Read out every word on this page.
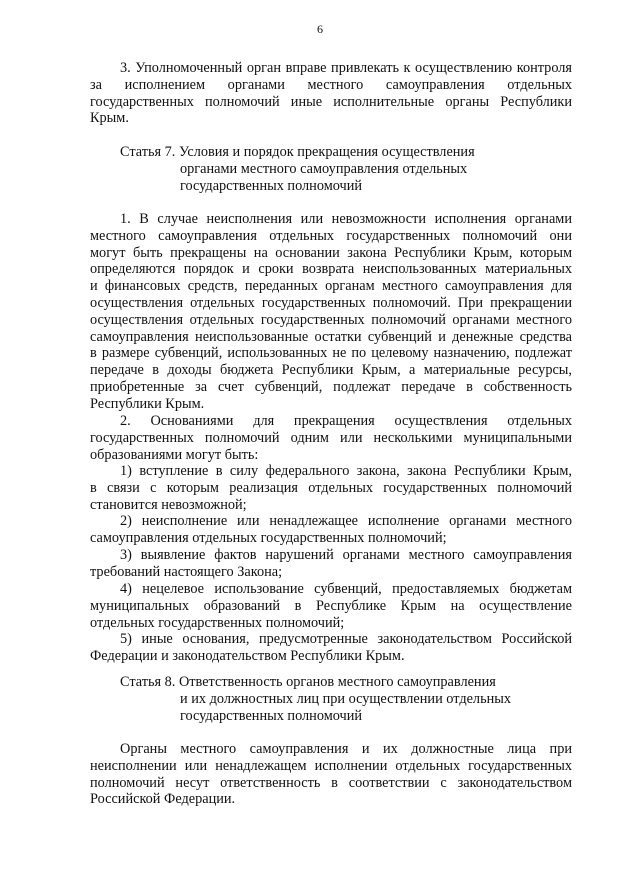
6

3. Уполномоченный орган вправе привлекать к осуществлению контроля
за исполнением органами местного самоуправления отдельных
государственных полномочий иные исполнительные органы Республики
Крым.

Статья 7. Условия и порядок прекращения осуществления
органами местного самоуправления отдельных
государственных полномочий

1. В случае неисполнения или невозможности исполнения органами
местного самоуправления отдельных государственных полномочий они
могут быть прекращены на основании закона Республики Крым, которым
определяются порядок и сроки возврата неиспользованных материальных
и финансовых средств, переданных органам местного самоуправления для
осуществления отдельных государственных полномочий. При прекращении
осуществления отдельных государственных полномочий органами местного
самоуправления неиспользованные остатки субвенций и денежные средства
в размере субвенций, использованных не по целевому назначению, подлежат
передаче в доходы бюджета Республики Крым, а материальные ресурсы,
приобретенные за счет субвенций, подлежат передаче в собственность
Республики Крым.

2. Основаниями для прекращения осуществления отдельных
государственных полномочий одним или несколькими муниципальными
образованиями могут быть:

1) вступление в силу федерального закона, закона Республики Крым,
в связи с которым реализация отдельных государственных полномочий
становится невозможной;

2) неисполнение или ненадлежащее исполнение органами местного
самоуправления отдельных государственных полномочий;

3) выявление фактов нарушений органами местного самоуправления
требований настоящего Закона;

4) нецелевое использование субвенций, предоставляемых бюджетам
муниципальных образований в Республике Крым на осуществление
отдельных государственных полномочий;

5) иные основания, предусмотренные законодательством Российской
Федерации и законодательством Республики Крым.

Статья 8. Ответственность органов местного самоуправления
и их должностных лиц при осуществлении отдельных
государственных полномочий

Органы местного самоуправления и их должностные лица при
неисполнении или ненадлежащем исполнении отдельных государственных
полномочий несут ответственность в соответствии с законодательством
Российской Федерации.
